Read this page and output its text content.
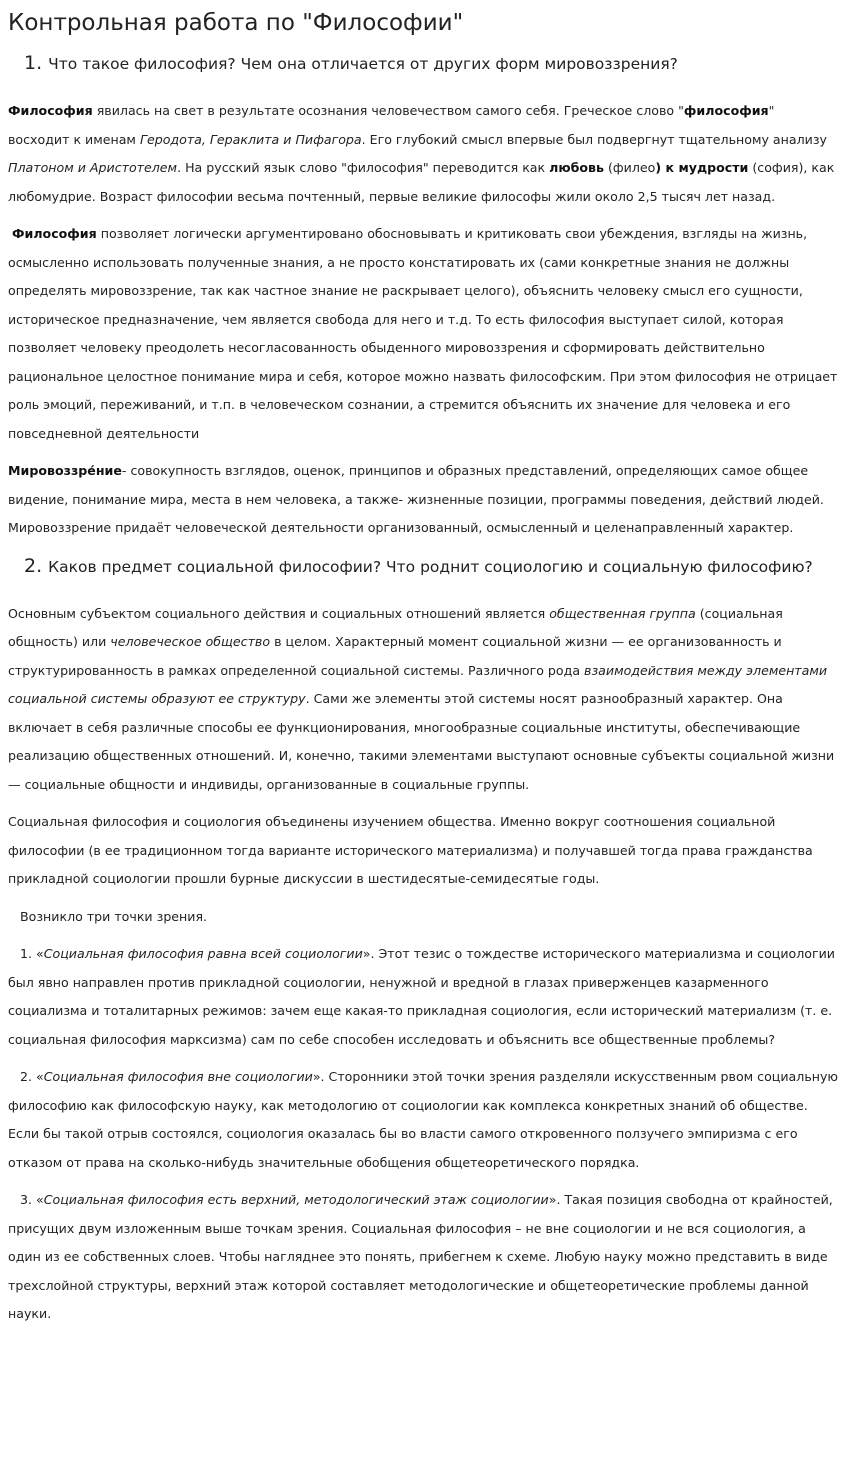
Контрольная работа по "Философии"
1. Что такое философия? Чем она отличается от других форм мировоззрения?

Философия явилась на свет в результате осознания человечеством самого себя. Греческое слово "философия" восходит к именам Геродота, Гераклита и Пифагора. Его глубокий смысл впервые был подвергнут тщательному анализу Платоном и Аристотелем. На русский язык слово "философия" переводится как любовь (филео) к мудрости (софия), как любомудрие. Возраст философии весьма почтенный, первые великие философы жили около 2,5 тысяч лет назад.

Философия позволяет логически аргументировано обосновывать и критиковать свои убеждения, взгляды на жизнь, осмысленно использовать полученные знания, а не просто констатировать их (сами конкретные знания не должны определять мировоззрение, так как частное знание не раскрывает целого), объяснить человеку смысл его сущности, историческое предназначение, чем является свобода для него и т.д. То есть философия выступает силой, которая позволяет человеку преодолеть несогласованность обыденного мировоззрения и сформировать действительно рациональное целостное понимание мира и себя, которое можно назвать философским. При этом философия не отрицает роль эмоций, переживаний, и т.п. в человеческом сознании, а стремится объяснить их значение для человека и его повседневной деятельности

Мировоззре́ние- совокупность взглядов, оценок, принципов и образных представлений, определяющих самое общее видение, понимание мира, места в нем человека, а также- жизненные позиции, программы поведения, действий людей. Мировоззрение придаёт человеческой деятельности организованный, осмысленный и целенаправленный характер.

2. Каков предмет социальной философии? Что роднит социологию и социальную философию?

Основным субъектом социального действия и социальных отношений является общественная группа (социальная общность) или человеческое общество в целом. Характерный момент социальной жизни — ее организованность и структурированность в рамках определенной социальной системы. Различного рода взаимодействия между элементами социальной системы образуют ее структуру. Сами же элементы этой системы носят разнообразный характер. Она включает в себя различные способы ее функционирования, многообразные социальные институты, обеспечивающие реализацию общественных отношений. И, конечно, такими элементами выступают основные субъекты социальной жизни — социальные общности и индивиды, организованные в социальные группы.

Социальная философия и социология объединены изучением общества. Именно вокруг соотношения социальной философии (в ее традиционном тогда варианте исторического материализма) и получавшей тогда права гражданства прикладной социологии прошли бурные дискуссии в шестидесятые-семидесятые годы.

Возникло три точки зрения.

1. «Социальная философия равна всей социологии». Этот тезис о тождестве исторического материализма и социологии был явно направлен против прикладной социологии, ненужной и вредной в глазах приверженцев казарменного социализма и тоталитарных режимов: зачем еще какая-то прикладная социология, если исторический материализм (т. е. социальная философия марксизма) сам по себе способен исследовать и объяснить все общественные проблемы?

2. «Социальная философия вне социологии». Сторонники этой точки зрения разделяли искусственным рвом социальную философию как философскую науку, как методологию от социологии как комплекса конкретных знаний об обществе. Если бы такой отрыв состоялся, социология оказалась бы во власти самого откровенного ползучего эмпиризма с его отказом от права на сколько-нибудь значительные обобщения общетеоретического порядка.

3. «Социальная философия есть верхний, методологический этаж социологии». Такая позиция свободна от крайностей, присущих двум изложенным выше точкам зрения. Социальная философия – не вне социологии и не вся социология, а один из ее собственных слоев. Чтобы нагляднее это понять, прибегнем к схеме. Любую науку можно представить в виде трехслойной структуры, верхний этаж которой составляет методологические и общетеоретические проблемы данной науки.
